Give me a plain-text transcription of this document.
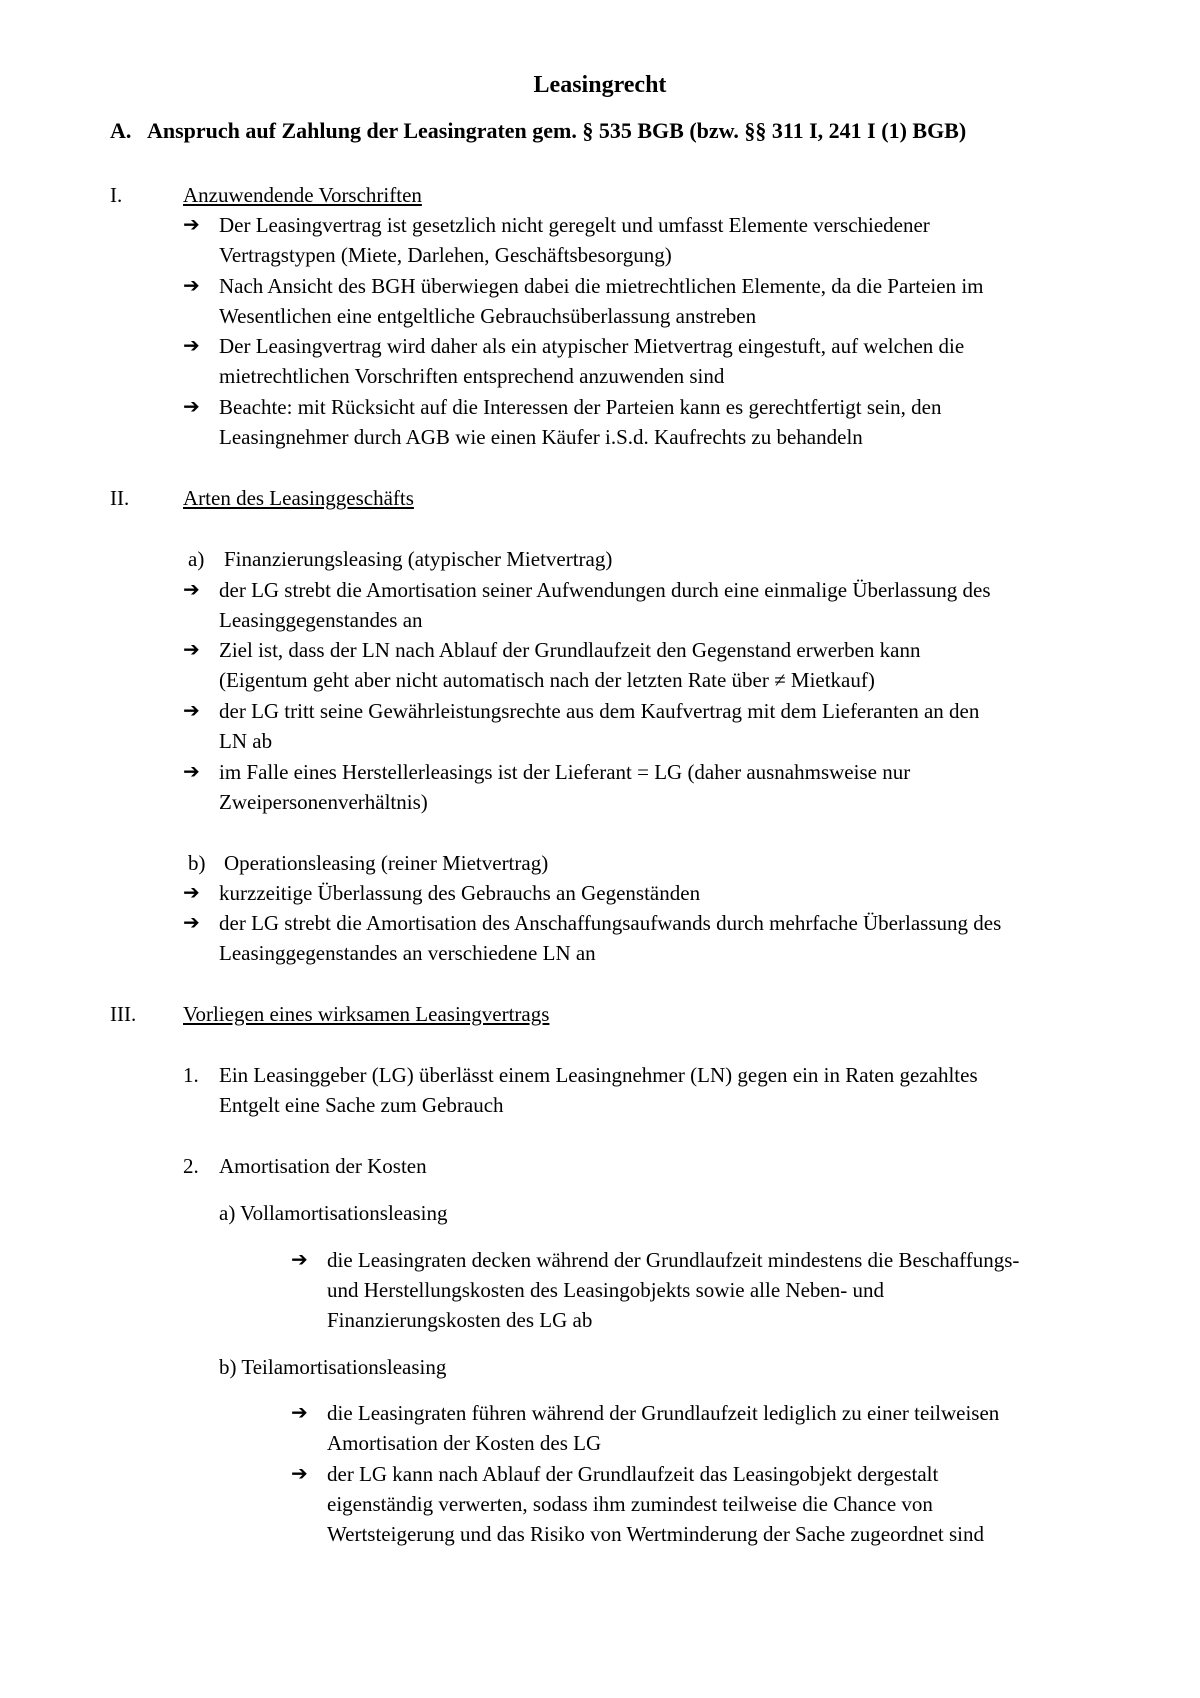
Leasingrecht
A. Anspruch auf Zahlung der Leasingraten gem. § 535 BGB (bzw. §§ 311 I, 241 I (1) BGB)
I.	Anzuwendende Vorschriften
➔ Der Leasingvertrag ist gesetzlich nicht geregelt und umfasst Elemente verschiedener
Vertragstypen (Miete, Darlehen, Geschäftsbesorgung)
➔ Nach Ansicht des BGH überwiegen dabei die mietrechtlichen Elemente, da die Parteien im
Wesentlichen eine entgeltliche Gebrauchsüberlassung anstreben
➔ Der Leasingvertrag wird daher als ein atypischer Mietvertrag eingestuft, auf welchen die
mietrechtlichen Vorschriften entsprechend anzuwenden sind
➔ Beachte: mit Rücksicht auf die Interessen der Parteien kann es gerechtfertigt sein, den
Leasingnehmer durch AGB wie einen Käufer i.S.d. Kaufrechts zu behandeln
II.	Arten des Leasinggeschäfts
a) Finanzierungsleasing (atypischer Mietvertrag)
➔ der LG strebt die Amortisation seiner Aufwendungen durch eine einmalige Überlassung des
Leasinggegenstandes an
➔ Ziel ist, dass der LN nach Ablauf der Grundlaufzeit den Gegenstand erwerben kann
(Eigentum geht aber nicht automatisch nach der letzten Rate über ≠ Mietkauf)
➔ der LG tritt seine Gewährleistungsrechte aus dem Kaufvertrag mit dem Lieferanten an den
LN ab
➔ im Falle eines Herstellerleasings ist der Lieferant = LG (daher ausnahmsweise nur
Zweipersonenverhältnis)
b) Operationsleasing (reiner Mietvertrag)
➔ kurzzeitige Überlassung des Gebrauchs an Gegenständen
➔ der LG strebt die Amortisation des Anschaffungsaufwands durch mehrfache Überlassung des
Leasinggegenstandes an verschiedene LN an
III. Vorliegen eines wirksamen Leasingvertrags
1. Ein Leasinggeber (LG) überlässt einem Leasingnehmer (LN) gegen ein in Raten gezahltes
Entgelt eine Sache zum Gebrauch
2. Amortisation der Kosten
a) Vollamortisationsleasing
➔ die Leasingraten decken während der Grundlaufzeit mindestens die Beschaffungs-
und Herstellungskosten des Leasingobjekts sowie alle Neben- und
Finanzierungskosten des LG ab
b) Teilamortisationsleasing
➔ die Leasingraten führen während der Grundlaufzeit lediglich zu einer teilweisen
Amortisation der Kosten des LG
➔ der LG kann nach Ablauf der Grundlaufzeit das Leasingobjekt dergestalt
eigenständig verwerten, sodass ihm zumindest teilweise die Chance von
Wertsteigerung und das Risiko von Wertminderung der Sache zugeordnet sind
